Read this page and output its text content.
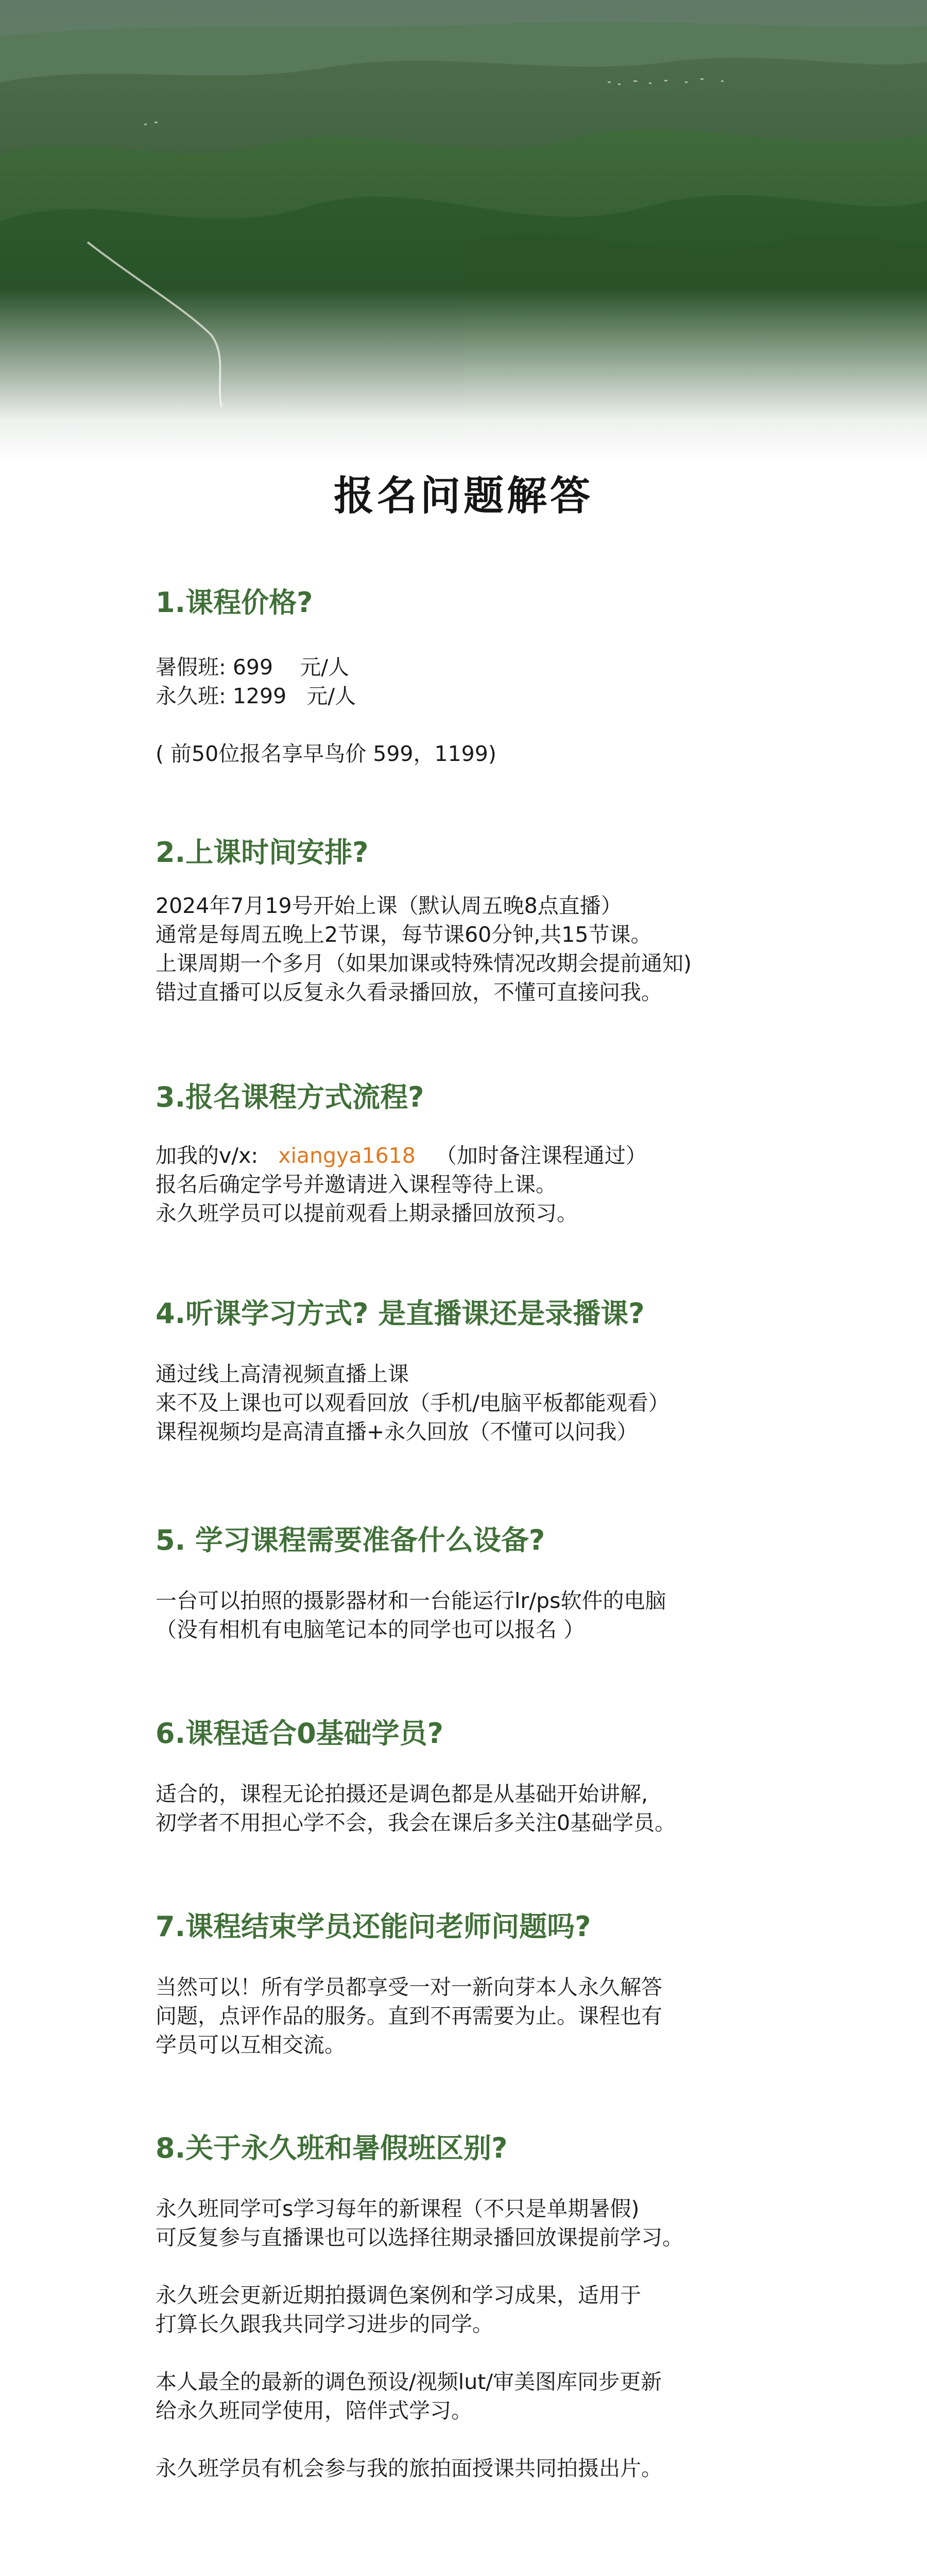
报名问题解答
1.课程价格?
暑假班: 699    元/人
永久班: 1299   元/人
( 前50位报名享早鸟价 599，1199)
2.上课时间安排?
2024年7月19号开始上课（默认周五晚8点直播）
通常是每周五晚上2节课，每节课60分钟,共15节课。
上课周期一个多月（如果加课或特殊情况改期会提前通知)
错过直播可以反复永久看录播回放，不懂可直接问我。
3.报名课程方式流程?
加我的v/x:   xiangya1618   （加时备注课程通过）
报名后确定学号并邀请进入课程等待上课。
永久班学员可以提前观看上期录播回放预习。
4.听课学习方式? 是直播课还是录播课?
通过线上高清视频直播上课
来不及上课也可以观看回放（手机/电脑平板都能观看）
课程视频均是高清直播+永久回放（不懂可以问我）
5. 学习课程需要准备什么设备?
一台可以拍照的摄影器材和一台能运行lr/ps软件的电脑
（没有相机有电脑笔记本的同学也可以报名 ）
6.课程适合0基础学员?
适合的，课程无论拍摄还是调色都是从基础开始讲解,
初学者不用担心学不会，我会在课后多关注0基础学员。
7.课程结束学员还能问老师问题吗?
当然可以！所有学员都享受一对一新向芽本人永久解答
问题，点评作品的服务。直到不再需要为止。课程也有
学员可以互相交流。
8.关于永久班和暑假班区别?
永久班同学可s学习每年的新课程（不只是单期暑假)
可反复参与直播课也可以选择往期录播回放课提前学习。
永久班会更新近期拍摄调色案例和学习成果，适用于
打算长久跟我共同学习进步的同学。
本人最全的最新的调色预设/视频lut/审美图库同步更新
给永久班同学使用，陪伴式学习。
永久班学员有机会参与我的旅拍面授课共同拍摄出片。
